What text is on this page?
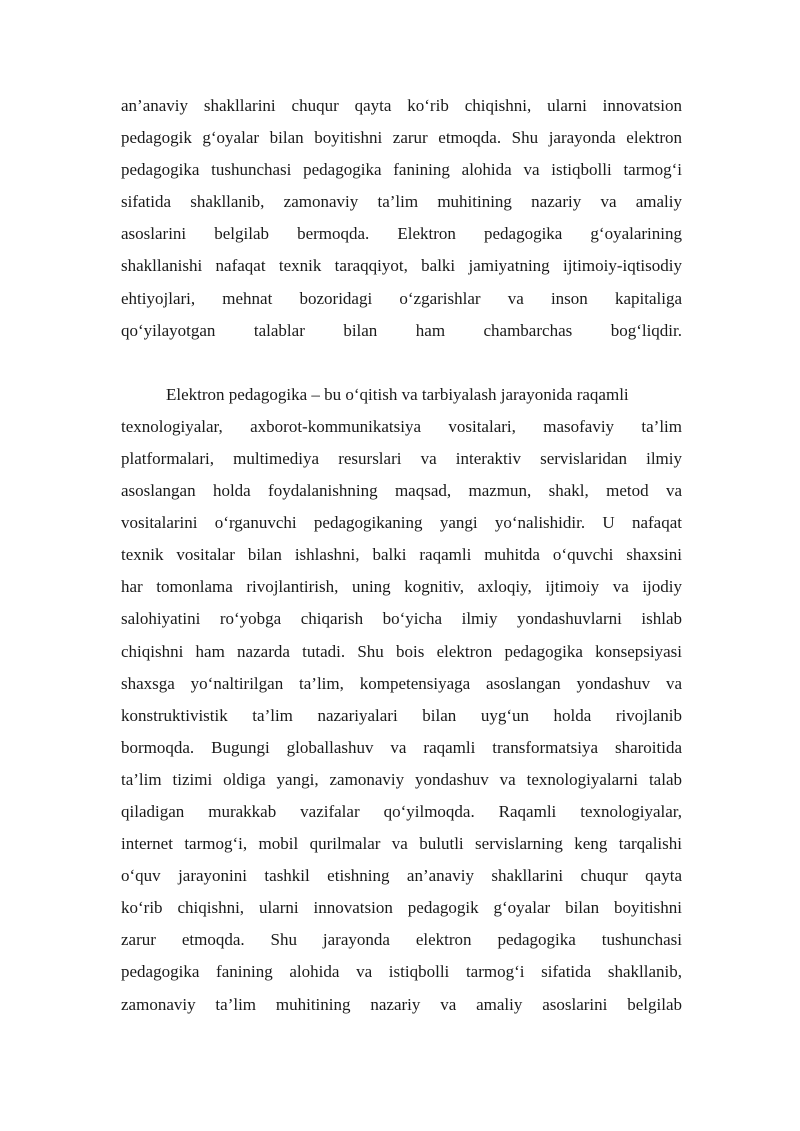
an’anaviy shakllarini chuqur qayta ko‘rib chiqishni, ularni innovatsion
pedagogik g‘oyalar bilan boyitishni zarur etmoqda. Shu jarayonda elektron
pedagogika tushunchasi pedagogika fanining alohida va istiqbolli tarmog‘i
sifatida shakllanib, zamonaviy ta’lim muhitining nazariy va amaliy
asoslarini belgilab bermoqda. Elektron pedagogika g‘oyalarining
shakllanishi nafaqat texnik taraqqiyot, balki jamiyatning ijtimoiy-iqtisodiy
ehtiyojlari, mehnat bozoridagi o‘zgarishlar va inson kapitaliga
qo‘yilayotgan talablar bilan ham chambarchas bog‘liqdir.
Elektron pedagogika – bu o‘qitish va tarbiyalash jarayonida raqamli
texnologiyalar, axborot-kommunikatsiya vositalari, masofaviy ta’lim
platformalari, multimediya resurslari va interaktiv servislaridan ilmiy
asoslangan holda foydalanishning maqsad, mazmun, shakl, metod va
vositalarini o‘rganuvchi pedagogikaning yangi yo‘nalishidir. U nafaqat
texnik vositalar bilan ishlashni, balki raqamli muhitda o‘quvchi shaxsini
har tomonlama rivojlantirish, uning kognitiv, axloqiy, ijtimoiy va ijodiy
salohiyatini ro‘yobga chiqarish bo‘yicha ilmiy yondashuvlarni ishlab
chiqishni ham nazarda tutadi. Shu bois elektron pedagogika konsepsiyasi
shaxsga yo‘naltirilgan ta’lim, kompetensiyaga asoslangan yondashuv va
konstruktivistik ta’lim nazariyalari bilan uyg‘un holda rivojlanib
bormoqda. Bugungi globallashuv va raqamli transformatsiya sharoitida
ta’lim tizimi oldiga yangi, zamonaviy yondashuv va texnologiyalarni talab
qiladigan murakkab vazifalar qo‘yilmoqda. Raqamli texnologiyalar,
internet tarmog‘i, mobil qurilmalar va bulutli servislarning keng tarqalishi
o‘quv jarayonini tashkil etishning an’anaviy shakllarini chuqur qayta
ko‘rib chiqishni, ularni innovatsion pedagogik g‘oyalar bilan boyitishni
zarur etmoqda. Shu jarayonda elektron pedagogika tushunchasi
pedagogika fanining alohida va istiqbolli tarmog‘i sifatida shakllanib,
zamonaviy ta’lim muhitining nazariy va amaliy asoslarini belgilab
